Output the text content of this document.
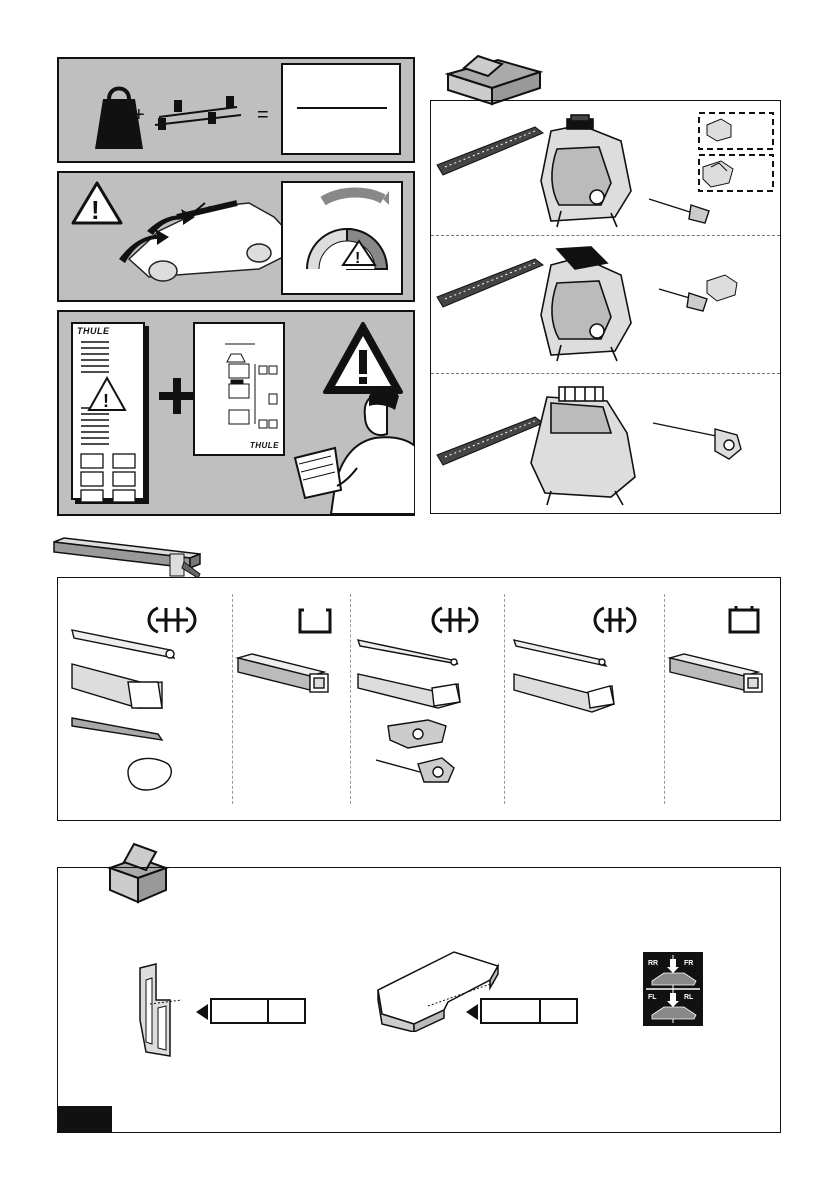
+	=
!
!
THULE
!
THULE
RR	FR
FL	RL
